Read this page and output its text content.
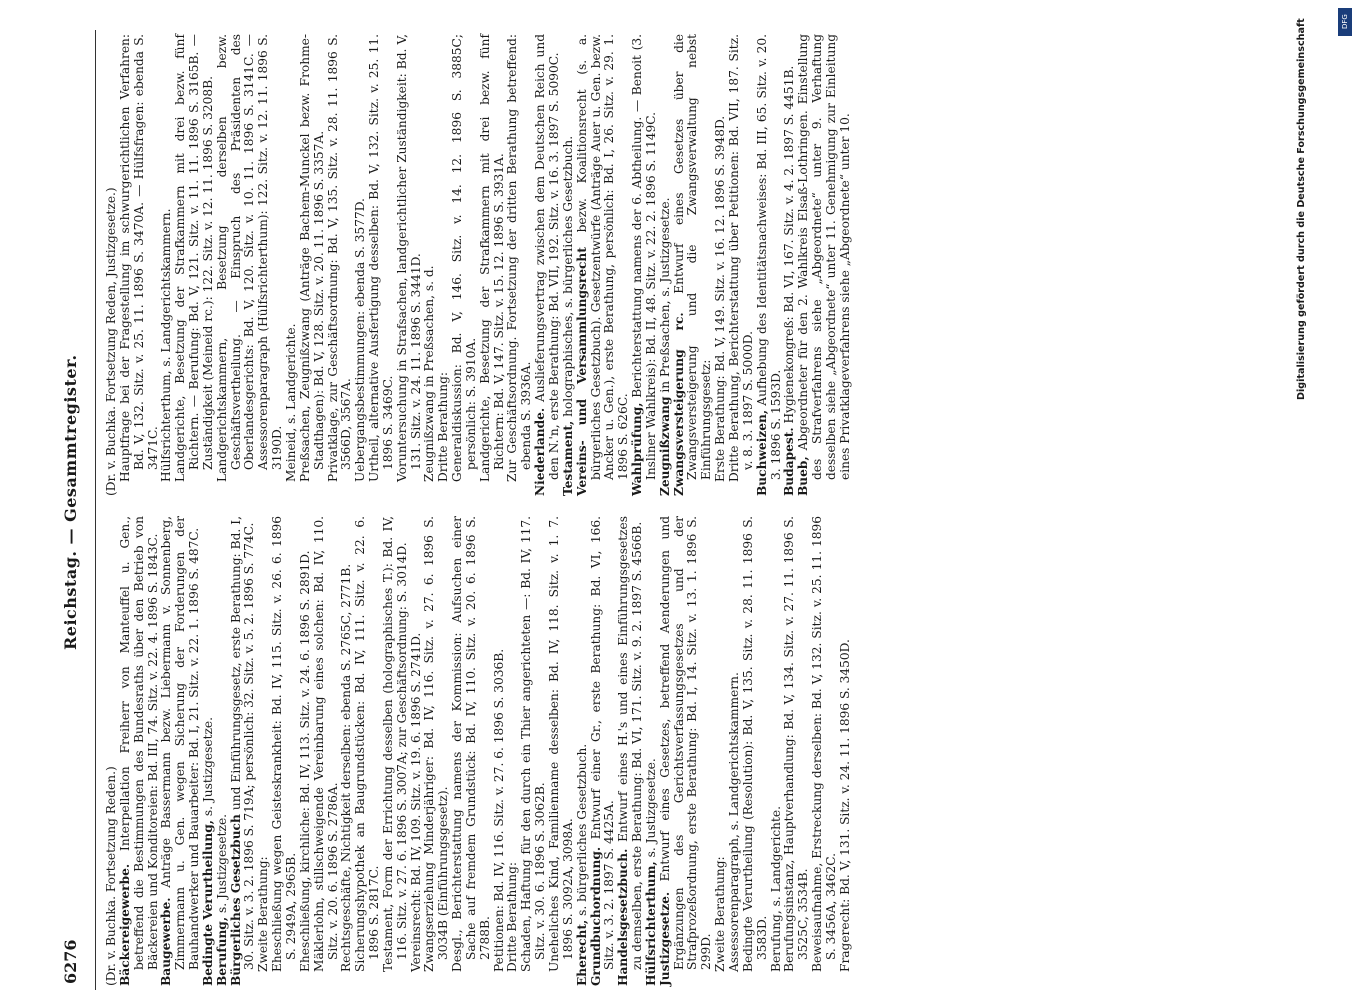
6276
Reichstag. — Gesammtregister.

(Dr. v. Buchka. Fortsetzung Reden.) Bäckereigewerbe. Interpellation Freiherr von Manteuffel u. Gen., betreffend die Bestimmungen des Bundesraths über den Betrieb von Bäckereien und Konditoreien: Bd. III, 74. Sitz. v. 22. 4. 1896 S. 1843C. Baugewerbe. Anträge Bassermann bezw. Liebermann v. Sonnenberg, Zimmermann u. Gen. wegen Sicherung der Forderungen der Bauhandwerker und Bauarbeiter: Bd. I, 21. Sitz. v. 22. 1. 1896 S. 487C. Bedingte Verurtheilung, s. Justizgesetze.

Berufung, s. Justizgesetze. Bürgerliches Gesetzbuch und Einführungsgesetz, erste Berathung: Bd. I, 30. Sitz. v. 3. 2. 1896 S. 719A; persönlich: 32. Sitz. v. 5. 2. 1896 S. 774C. Zweite Berathung: Eheschließung wegen Geisteskrankheit: Bd. IV, 115. Sitz. v. 26. 6. 1896 S. 2949A, 2965B. Eheschließung, kirchliche: Bd. IV, 113. Sitz. v. 24. 6. 1896 S. 2891D. Mäklerlohn, stillschweigende Vereinbarung eines solchen: Bd. IV, 110. Sitz. v. 20. 6. 1896 S. 2786A. Rechtsgeschäfte, Nichtigkeit derselben: ebenda S. 2765C, 2771B. Sicherungshypothek an Baugrundstücken: Bd. IV, 111. Sitz. v. 22. 6. 1896 S. 2817C. Testament, Form der Errichtung desselben (holographisches T.): Bd. IV, 116. Sitz. v. 27. 6. 1896 S. 3007A; zur Geschäftsordnung: S. 3014D. Vereinsrecht: Bd. IV, 109. Sitz. v. 19. 6. 1896 S. 2741D. Zwangserziehung Minderjähriger: Bd. IV, 116. Sitz. v. 27. 6. 1896 S. 3034B (Einführungsgesetz). Desgl., Berichterstattung namens der Kommission: Aufsuchen einer Sache auf fremdem Grundstück: Bd. IV, 110. Sitz. v. 20. 6. 1896 S. 2788B. Petitionen: Bd. IV, 116. Sitz. v. 27. 6. 1896 S. 3036B. Dritte Berathung: Schaden, Haftung für den durch ein Thier angerichteten —: Bd. IV, 117. Sitz. v. 30. 6. 1896 S. 3062B. Uneheliches Kind, Familienname desselben: Bd. IV, 118. Sitz. v. 1. 7. 1896 S. 3092A, 3098A. Eherecht, s. bürgerliches Gesetzbuch.

Grundbuchordnung. Entwurf einer Gr., erste Berathung: Bd. VI, 166. Sitz. v. 3. 2. 1897 S. 4425A. Handelsgesetzbuch. Entwurf eines H.'s und eines Einführungsgesetzes zu demselben, erste Berathung: Bd. VI, 171. Sitz. v. 9. 2. 1897 S. 4566B. Hülfsrichterthum, s. Justizgesetze.

Justizgesetze. Entwurf eines Gesetzes, betreffend Aenderungen und Ergänzungen des Gerichtsverfassungsgesetzes und der Strafprozeßordnung, erste Berathung: Bd. I, 14. Sitz. v. 13. 1. 1896 S. 299D. Zweite Berathung: Assessorenparagraph, s. Landgerichtskammern. Bedingte Verurtheilung (Resolution): Bd. V, 135. Sitz. v. 28. 11. 1896 S. 3583D. Berufung, s. Landgerichte. Berufungsinstanz, Hauptverhandlung: Bd. V, 134. Sitz. v. 27. 11. 1896 S. 3525C, 3534B. Beweisaufnahme, Erstreckung derselben: Bd. V, 132. Sitz. v. 25. 11. 1896 S. 3456A, 3462C. Fragerecht: Bd. V, 131. Sitz. v. 24. 11. 1896 S. 3450D.

(Dr. v. Buchka. Fortsetzung Reden, Justizgesetze.) Hauptfrage bei der Fragestellung im schwurgerichtlichen Verfahren: Bd. V, 132. Sitz. v. 25. 11. 1896 S. 3470A. — Hülfsfragen: ebenda S. 3471C. Hülfsrichterthum, s. Landgerichtskammern. Landgerichte, Besetzung der Strafkammern mit drei bezw. fünf Richtern. — Berufung: Bd. V, 121. Sitz. v. 11. 11. 1896 S. 3165B. — Zuständigkeit (Meineid rc.): 122. Sitz. v. 12. 11. 1896 S. 3208B. Landgerichtskammern, Besetzung derselben bezw. Geschäftsvertheilung. — Einspruch des Präsidenten des Oberlandesgerichts: Bd. V, 120. Sitz. v. 10. 11. 1896 S. 3141C. — Assessorenparagraph (Hülfsrichterthum): 122. Sitz. v. 12. 11. 1896 S. 3190D. Meineid, s. Landgerichte. Preßsachen, Zeugnißzwang (Anträge Bachem-Munckel bezw. Frohme-Stadthagen): Bd. V, 128. Sitz. v. 20. 11. 1896 S. 3357A. Privatklage, zur Geschäftsordnung: Bd. V, 135. Sitz. v. 28. 11. 1896 S. 3566D, 3567A. Uebergangsbestimmungen: ebenda S. 3577D. Urtheil, alternative Ausfertigung desselben: Bd. V, 132. Sitz. v. 25. 11. 1896 S. 3469C. Voruntersuchung in Strafsachen, landgerichtlicher Zuständigkeit: Bd. V, 131. Sitz. v. 24. 11. 1896 S. 3441D. Zeugnißzwang in Preßsachen, s. d. Dritte Berathung: Generaldiskussion: Bd. V, 146. Sitz. v. 14. 12. 1896 S. 3885C; persönlich: S. 3910A. Landgerichte, Besetzung der Strafkammern mit drei bezw. fünf Richtern: Bd. V, 147. Sitz. v. 15. 12. 1896 S. 3931A. Zur Geschäftsordnung. Fortsetzung der dritten Berathung betreffend: ebenda S. 3936A. Niederlande. Auslieferungsvertrag zwischen dem Deutschen Reich und den N.'n, erste Berathung: Bd. VII, 192. Sitz. v. 16. 3. 1897 S. 5090C. Testament, holographisches, s. bürgerliches Gesetzbuch. Vereins- und Versammlungsrecht bezw. Koalitionsrecht (s. a. bürgerliches Gesetzbuch). Gesetzentwürfe (Anträge Auer u. Gen. bezw. Ancker u. Gen.), erste Berathung, persönlich: Bd. I, 26. Sitz. v. 29. 1. 1896 S. 626C. Wahlprüfung, Berichterstattung namens der 6. Abtheilung. — Benoit (3. Insliner Wahlkreis): Bd. II, 48. Sitz. v. 22. 2. 1896 S. 1149C. Zeugnißzwang in Preßsachen, s. Justizgesetze.

Zwangsversteigerung rc. Entwurf eines Gesetzes über die Zwangsversteigerung und die Zwangsverwaltung nebst Einführungsgesetz: Erste Berathung: Bd. V, 149. Sitz. v. 16. 12. 1896 S. 3948D. Dritte Berathung, Berichterstattung über Petitionen: Bd. VII, 187. Sitz. v. 8. 3. 1897 S. 5000D. Buchweizen, Aufhebung des Identitätsnachweises: Bd. III, 65. Sitz. v. 20. 3. 1896 S. 1593D. Budapest. Hygienekongreß: Bd. VI, 167. Sitz. v. 4. 2. 1897 S. 4451B.

Bueb, Abgeordneter für den 2. Wahlkreis Elsaß-Lothringen. Einstellung des Strafverfahrens siehe „Abgeordnete“ unter 9. Verhaftung desselben siehe „Abgeordnete“ unter 11. Genehmigung zur Einleitung eines Privatklageverfahrens siehe „Abgeordnete“ unter 10.	Digitalisierung gefördert durch die Deutsche Forschungsgemeinschaft	DFG
